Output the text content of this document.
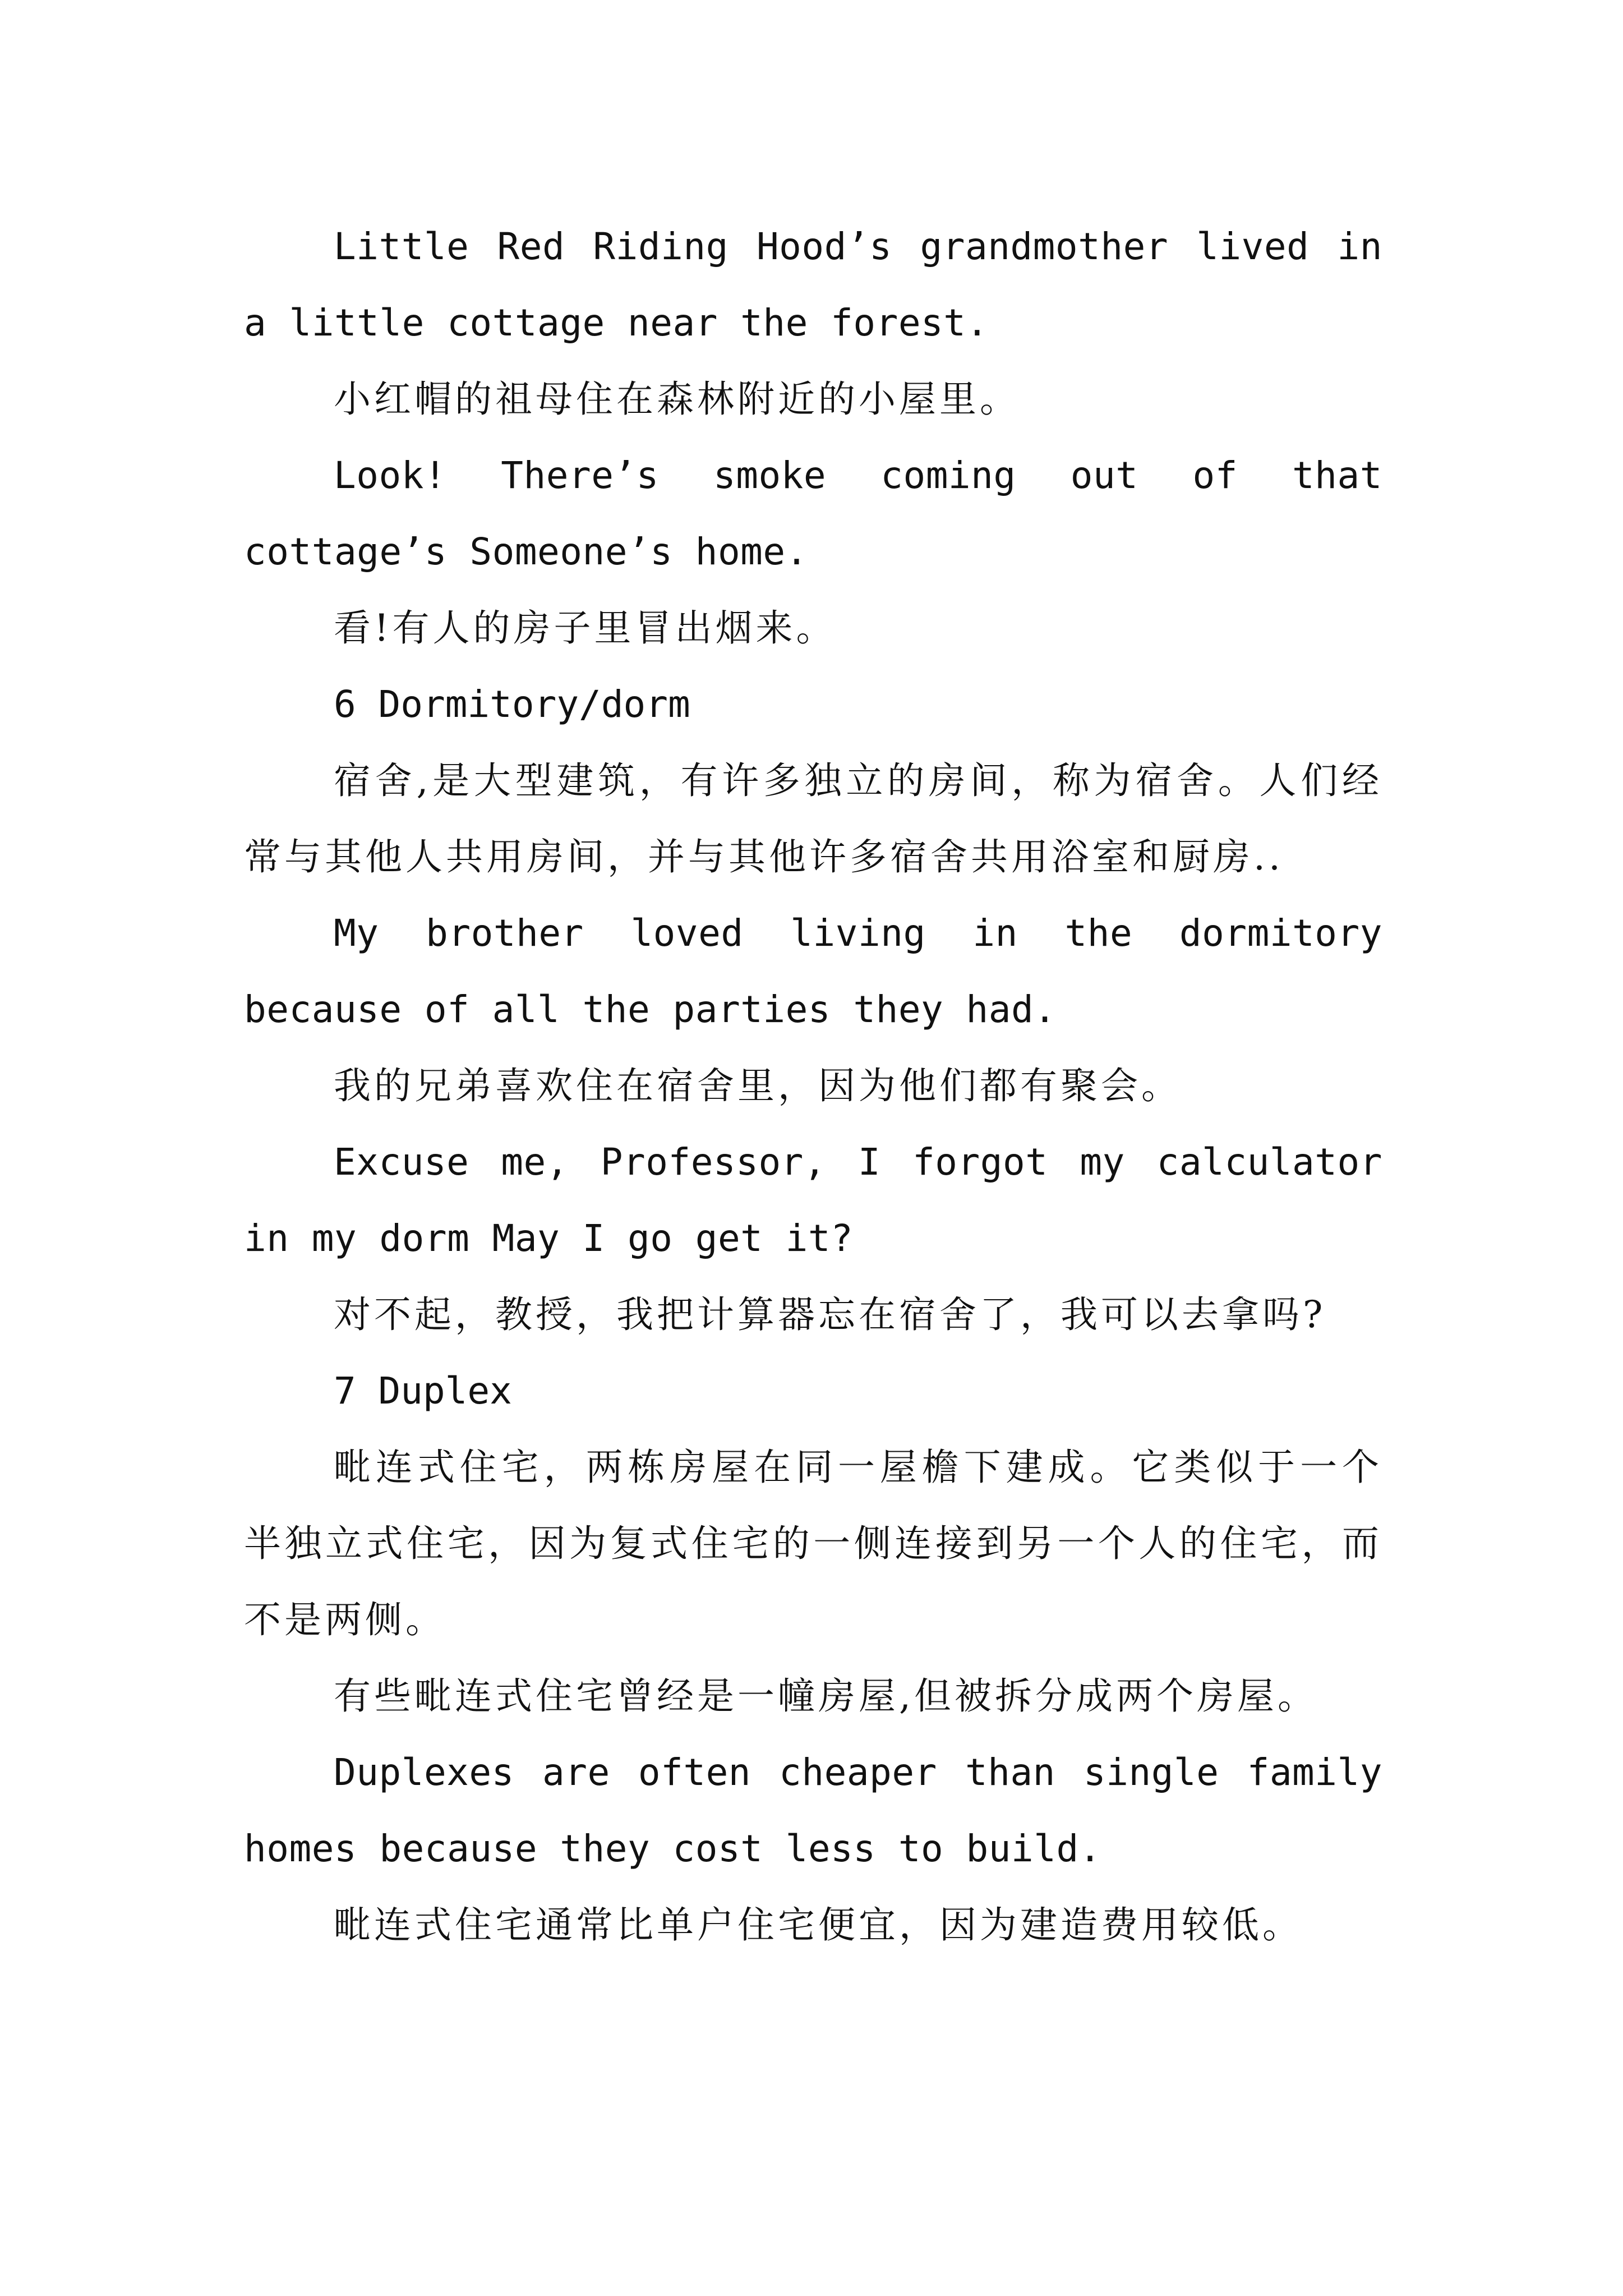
Little Red Riding Hood’s grandmother lived in a little cottage near the forest.

小红帽的祖母住在森林附近的小屋里。

Look! There’s smoke coming out of that cottage’s Someone’s home.

看!有人的房子里冒出烟来。

6 Dormitory/dorm

宿舍,是大型建筑，有许多独立的房间，称为宿舍。人们经常与其他人共用房间，并与其他许多宿舍共用浴室和厨房..

My brother loved living in the dormitory because of all the parties they had.

我的兄弟喜欢住在宿舍里，因为他们都有聚会。

Excuse me, Professor, I forgot my calculator in my dorm May I go get it?

对不起，教授，我把计算器忘在宿舍了，我可以去拿吗?

7 Duplex

毗连式住宅，两栋房屋在同一屋檐下建成。它类似于一个半独立式住宅，因为复式住宅的一侧连接到另一个人的住宅，而不是两侧。

有些毗连式住宅曾经是一幢房屋,但被拆分成两个房屋。

Duplexes are often cheaper than single family homes because they cost less to build.

毗连式住宅通常比单户住宅便宜，因为建造费用较低。
